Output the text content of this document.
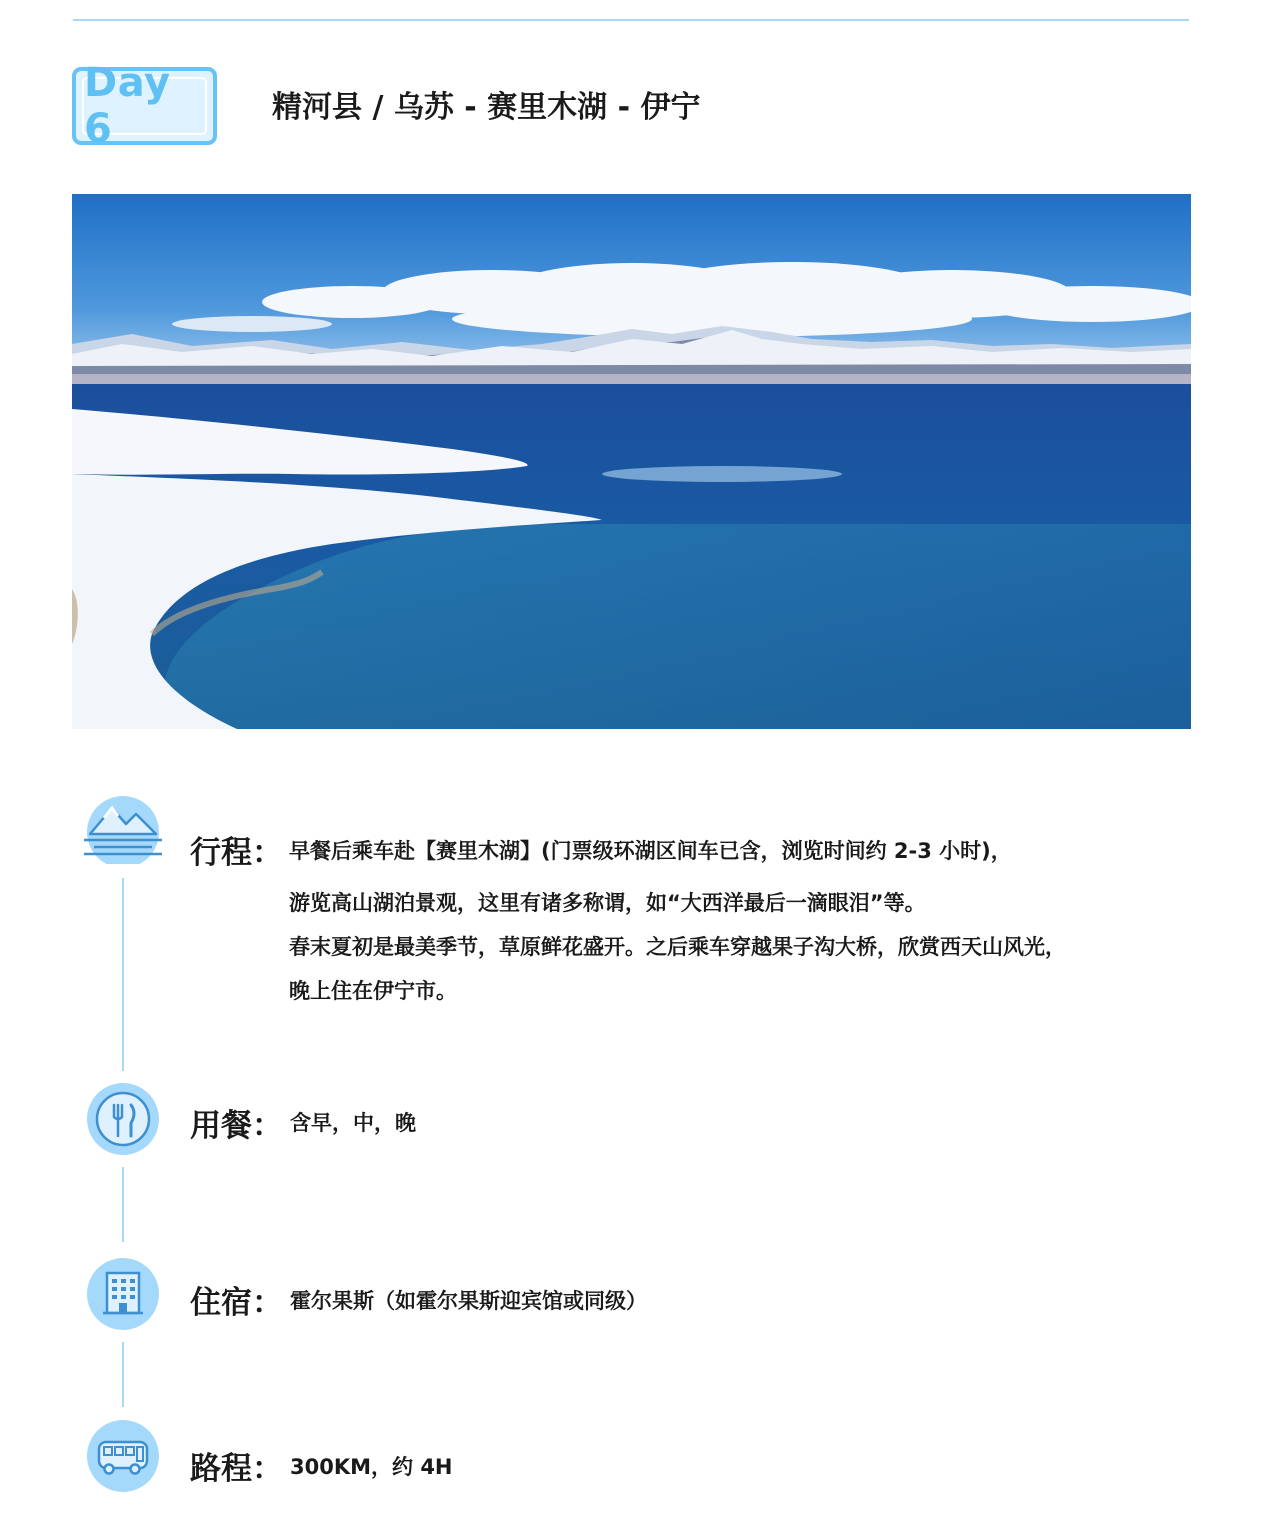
Day 6	精河县 / 乌苏 - 赛里木湖 - 伊宁
行程： 早餐后乘车赴【赛里木湖】(门票级环湖区间车已含，浏览时间约 2-3 小时)，
游览高山湖泊景观，这里有诸多称谓，如“大西洋最后一滴眼泪”等。
春末夏初是最美季节，草原鲜花盛开。之后乘车穿越果子沟大桥，欣赏西天山风光，
晚上住在伊宁市。
用餐： 含早，中，晚
住宿： 霍尔果斯（如霍尔果斯迎宾馆或同级）
路程： 300KM，约 4H
